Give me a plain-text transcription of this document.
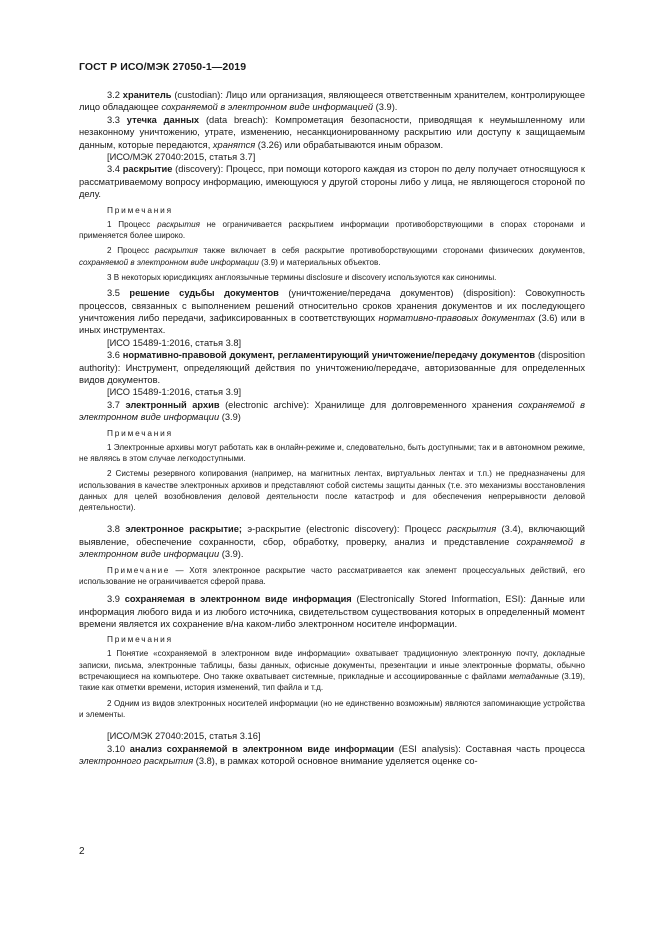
ГОСТ Р ИСО/МЭК 27050-1—2019

3.2 хранитель (custodian): Лицо или организация, являющееся ответственным хранителем, контролирующее лицо обладающее сохраняемой в электронном виде информацией (3.9).

3.3 утечка данных (data breach): Компрометация безопасности, приводящая к неумышленному или незаконному уничтожению, утрате, изменению, несанкционированному раскрытию или доступу к защищаемым данным, которые передаются, хранятся (3.26) или обрабатываются иным образом.

[ИСО/МЭК 27040:2015, статья 3.7]

3.4 раскрытие (discovery): Процесс, при помощи которого каждая из сторон по делу получает относящуюся к рассматриваемому вопросу информацию, имеющуюся у другой стороны либо у лица, не являющегося стороной по делу.

Примечания

1 Процесс раскрытия не ограничивается раскрытием информации противоборствующими в спорах сторонами и применяется более широко.

2 Процесс раскрытия также включает в себя раскрытие противоборствующими сторонами физических документов, сохраняемой в электронном виде информации (3.9) и материальных объектов.

3 В некоторых юрисдикциях англоязычные термины disclosure и discovery используются как синонимы.

3.5 решение судьбы документов (уничтожение/передача документов) (disposition): Совокупность процессов, связанных с выполнением решений относительно сроков хранения документов и их последующего уничтожения либо передачи, зафиксированных в соответствующих нормативно-правовых документах (3.6) или в иных инструментах.

[ИСО 15489-1:2016, статья 3.8]

3.6 нормативно-правовой документ, регламентирующий уничтожение/передачу документов (disposition authority): Инструмент, определяющий действия по уничтожению/передаче, авторизованные для определенных видов документов.

[ИСО 15489-1:2016, статья 3.9]

3.7 электронный архив (electronic archive): Хранилище для долговременного хранения сохраняемой в электронном виде информации (3.9)

Примечания

1 Электронные архивы могут работать как в онлайн-режиме и, следовательно, быть доступными; так и в автономном режиме, не являясь в этом случае легкодоступными.

2 Системы резервного копирования (например, на магнитных лентах, виртуальных лентах и т.п.) не предназначены для использования в качестве электронных архивов и представляют собой системы защиты данных (т.е. это механизмы восстановления данных для целей возобновления деловой деятельности после катастроф и для обеспечения непрерывности деловой деятельности).

3.8 электронное раскрытие; э-раскрытие (electronic discovery): Процесс раскрытия (3.4), включающий выявление, обеспечение сохранности, сбор, обработку, проверку, анализ и представление сохраняемой в электронном виде информации (3.9).

Примечание — Хотя электронное раскрытие часто рассматривается как элемент процессуальных действий, его использование не ограничивается сферой права.

3.9 сохраняемая в электронном виде информация (Electronically Stored Information, ESI): Данные или информация любого вида и из любого источника, свидетельством существования которых в определенный момент времени является их сохранение в/на каком-либо электронном носителе информации.

Примечания

1 Понятие «сохраняемой в электронном виде информации» охватывает традиционную электронную почту, докладные записки, письма, электронные таблицы, базы данных, офисные документы, презентации и иные электронные форматы, обычно встречающиеся на компьютере. Оно также охватывает системные, прикладные и ассоциированные с файлами метаданные (3.19), такие как отметки времени, история изменений, тип файла и т.д.

2 Одним из видов электронных носителей информации (но не единственно возможным) являются запоминающие устройства и элементы.

[ИСО/МЭК 27040:2015, статья 3.16]

3.10 анализ сохраняемой в электронном виде информации (ESI analysis): Составная часть процесса электронного раскрытия (3.8), в рамках которой основное внимание уделяется оценке со-

2
